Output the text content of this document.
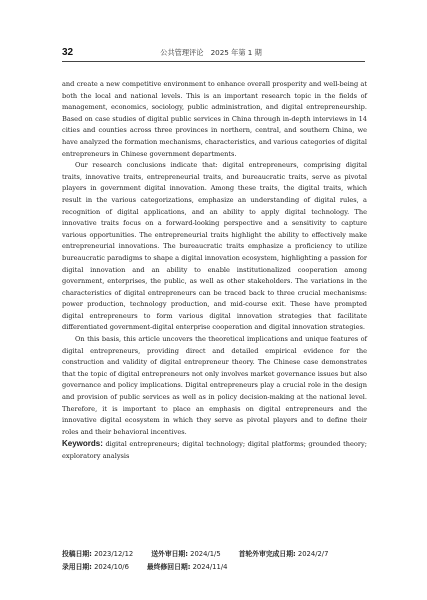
32	公共管理评论　2025 年第 1 期

and create a new competitive environment to enhance overall prosperity and well-being at both the local and national levels. This is an important research topic in the fields of management, economics, sociology, public administration, and digital entrepreneurship. Based on case studies of digital public services in China through in-depth interviews in 14 cities and counties across three provinces in northern, central, and southern China, we have analyzed the formation mechanisms, characteristics, and various categories of digital entrepreneurs in Chinese government departments.

Our research conclusions indicate that: digital entrepreneurs, comprising digital traits, innovative traits, entrepreneurial traits, and bureaucratic traits, serve as pivotal players in government digital innovation. Among these traits, the digital traits, which result in the various categorizations, emphasize an understanding of digital rules, a recognition of digital applications, and an ability to apply digital technology. The innovative traits focus on a forward-looking perspective and a sensitivity to capture various opportunities. The entrepreneurial traits highlight the ability to effectively make entrepreneurial innovations. The bureaucratic traits emphasize a proficiency to utilize bureaucratic paradigms to shape a digital innovation ecosystem, highlighting a passion for digital innovation and an ability to enable institutionalized cooperation among government, enterprises, the public, as well as other stakeholders. The variations in the characteristics of digital entrepreneurs can be traced back to three crucial mechanisms: power production, technology production, and mid-course exit. These have prompted digital entrepreneurs to form various digital innovation strategies that facilitate differentiated government-digital enterprise cooperation and digital innovation strategies.

On this basis, this article uncovers the theoretical implications and unique features of digital entrepreneurs, providing direct and detailed empirical evidence for the construction and validity of digital entrepreneur theory. The Chinese case demonstrates that the topic of digital entrepreneurs not only involves market governance issues but also governance and policy implications. Digital entrepreneurs play a crucial role in the design and provision of public services as well as in policy decision-making at the national level. Therefore, it is important to place an emphasis on digital entrepreneurs and the innovative digital ecosystem in which they serve as pivotal players and to define their roles and their behavioral incentives.

Keywords: digital entrepreneurs; digital technology; digital platforms; grounded theory; exploratory analysis

投稿日期: 2023/12/12	送外审日期: 2024/1/5	首轮外审完成日期: 2024/2/7
录用日期: 2024/10/6	最终修回日期: 2024/11/4
